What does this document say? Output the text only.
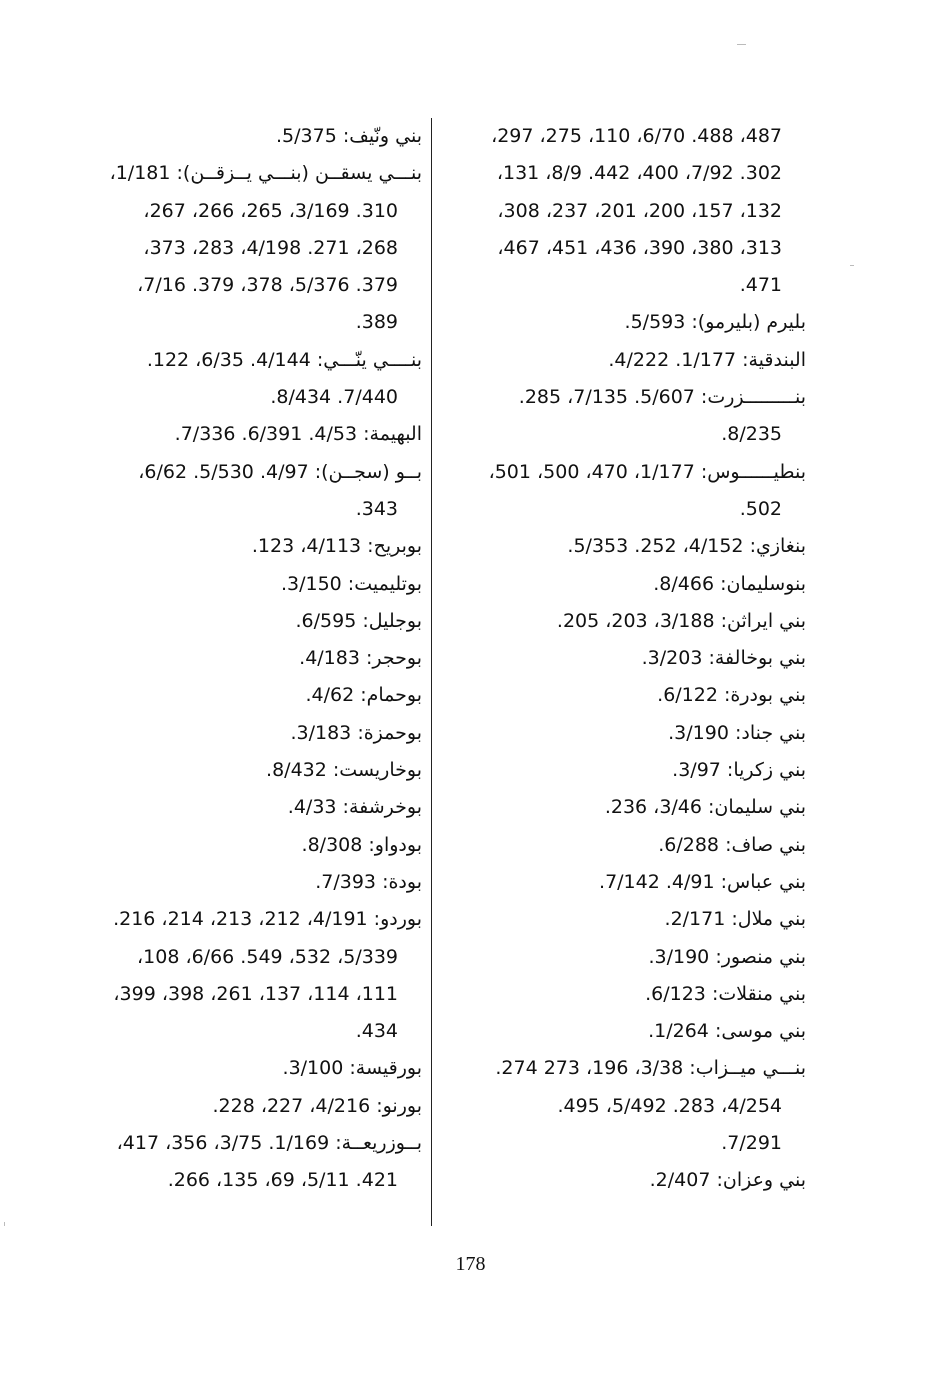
487، 488. 6/70، 110، 275، 297،
302. 7/92، 400، 442. 8/9، 131،
132، 157، 200، 201، 237، 308،
313، 380، 390، 436، 451، 467،
471.
بليرم (بليرمو): 5/593.
البندقية: 1/177. 4/222.
بنـــــــــزرت: 5/607. 7/135، 285.
8/235.
بنطيــــــوس: 1/177، 470، 500، 501،
502.
بنغازي: 4/152، 252. 5/353.
بنوسليمان: 8/466.
بني ايراثن: 3/188، 203، 205.
بني بوخالفة: 3/203.
بني بودرة: 6/122.
بني جناد: 3/190.
بني زكريا: 3/97.
بني سليمان: 3/46، 236.
بني صاف: 6/288.
بني عباس: 4/91. 7/142.
بني ملال: 2/171.
بني منصور: 3/190.
بني منقلات: 6/123.
بني موسى: 1/264.
بنـــي ميــزاب: 3/38، 196، 273 274.
4/254، 283. 5/492، 495.
7/291.
بني وعزان: 2/407.
بني ونّيف: 5/375.
بنـــي يسقــن (بنـــي يــزقــن): 1/181،
310. 3/169، 265، 266، 267،
268، 271. 4/198، 283، 373،
379. 5/376، 378، 379. 7/16،
389.
بنــــي ينّـــي: 4/144. 6/35، 122.
7/440. 8/434.
البهيمة: 4/53. 6/391. 7/336.
بــو (سجــن): 4/97. 5/530. 6/62،
343.
بوبريح: 4/113، 123.
بوتليميت: 3/150.
بوجليل: 6/595.
بوحجر: 4/183.
بوحمام: 4/62.
بوحمزة: 3/183.
بوخاريست: 8/432.
بوخرشفة: 4/33.
بودواو: 8/308.
بودة: 7/393.
بوردو: 4/191، 212، 213، 214، 216.
5/339، 532، 549. 6/66، 108،
111، 114، 137، 261، 398، 399،
434.
بورقيسة: 3/100.
بورنو: 4/216، 227، 228.
بــوزريعــة: 1/169. 3/75، 356، 417،
421. 5/11، 69، 135، 266.
178
